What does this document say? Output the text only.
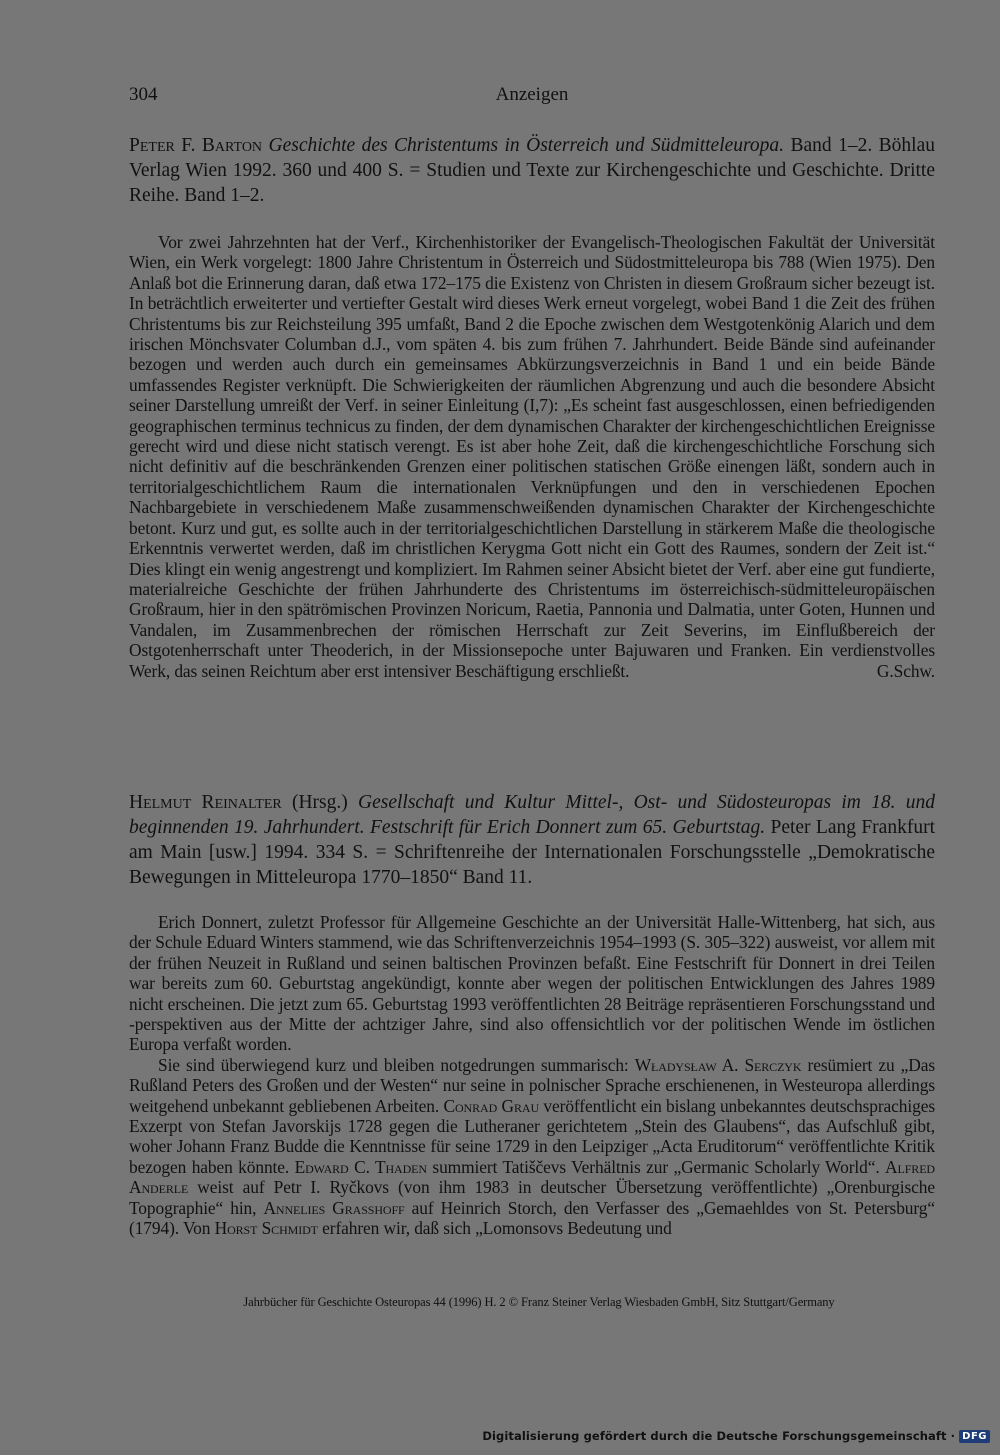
304	Anzeigen
Peter F. Barton Geschichte des Christentums in Österreich und Südmitteleuropa. Band 1–2. Böhlau Verlag Wien 1992. 360 und 400 S. = Studien und Texte zur Kirchengeschichte und Geschichte. Dritte Reihe. Band 1–2.

Vor zwei Jahrzehnten hat der Verf., Kirchenhistoriker der Evangelisch-Theologischen Fakultät der Universität Wien, ein Werk vorgelegt: 1800 Jahre Christentum in Österreich und Südostmitteleuropa bis 788 (Wien 1975). Den Anlaß bot die Erinnerung daran, daß etwa 172–175 die Existenz von Christen in diesem Großraum sicher bezeugt ist. In beträchtlich erweiterter und vertiefter Gestalt wird dieses Werk erneut vorgelegt, wobei Band 1 die Zeit des frühen Christentums bis zur Reichsteilung 395 umfaßt, Band 2 die Epoche zwischen dem Westgotenkönig Alarich und dem irischen Mönchsvater Columban d.J., vom späten 4. bis zum frühen 7. Jahrhundert. Beide Bände sind aufeinander bezogen und werden auch durch ein gemeinsames Abkürzungsverzeichnis in Band 1 und ein beide Bände umfassendes Register verknüpft. Die Schwierigkeiten der räumlichen Abgrenzung und auch die besondere Absicht seiner Darstellung umreißt der Verf. in seiner Einleitung (I,7): „Es scheint fast ausgeschlossen, einen befriedigenden geographischen terminus technicus zu finden, der dem dynamischen Charakter der kirchengeschichtlichen Ereignisse gerecht wird und diese nicht statisch verengt. Es ist aber hohe Zeit, daß die kirchengeschichtliche Forschung sich nicht definitiv auf die beschränkenden Grenzen einer politischen statischen Größe einengen läßt, sondern auch in territorialgeschichtlichem Raum die internationalen Verknüpfungen und den in verschiedenen Epochen Nachbargebiete in verschiedenem Maße zusammenschweißenden dynamischen Charakter der Kirchengeschichte betont. Kurz und gut, es sollte auch in der territorialgeschichtlichen Darstellung in stärkerem Maße die theologische Erkenntnis verwertet werden, daß im christlichen Kerygma Gott nicht ein Gott des Raumes, sondern der Zeit ist.“ Dies klingt ein wenig angestrengt und kompliziert. Im Rahmen seiner Absicht bietet der Verf. aber eine gut fundierte, materialreiche Geschichte der frühen Jahrhunderte des Christentums im österreichisch-südmitteleuropäischen Großraum, hier in den spätrömischen Provinzen Noricum, Raetia, Pannonia und Dalmatia, unter Goten, Hunnen und Vandalen, im Zusammenbrechen der römischen Herrschaft zur Zeit Severins, im Einflußbereich der Ostgotenherrschaft unter Theoderich, in der Missionsepoche unter Bajuwaren und Franken. Ein verdienstvolles Werk, das seinen Reichtum aber erst intensiver Beschäftigung erschließt.	G.Schw.

Helmut Reinalter (Hrsg.) Gesellschaft und Kultur Mittel-, Ost- und Südosteuropas im 18. und beginnenden 19. Jahrhundert. Festschrift für Erich Donnert zum 65. Geburtstag. Peter Lang Frankfurt am Main [usw.] 1994. 334 S. = Schriftenreihe der Internationalen Forschungsstelle „Demokratische Bewegungen in Mitteleuropa 1770–1850“ Band 11.

Erich Donnert, zuletzt Professor für Allgemeine Geschichte an der Universität Halle-Wittenberg, hat sich, aus der Schule Eduard Winters stammend, wie das Schriftenverzeichnis 1954–1993 (S. 305–322) ausweist, vor allem mit der frühen Neuzeit in Rußland und seinen baltischen Provinzen befaßt. Eine Festschrift für Donnert in drei Teilen war bereits zum 60. Geburtstag angekündigt, konnte aber wegen der politischen Entwicklungen des Jahres 1989 nicht erscheinen. Die jetzt zum 65. Geburtstag 1993 veröffentlichten 28 Beiträge repräsentieren Forschungsstand und -perspektiven aus der Mitte der achtziger Jahre, sind also offensichtlich vor der politischen Wende im östlichen Europa verfaßt worden.

Sie sind überwiegend kurz und bleiben notgedrungen summarisch: Władysław A. Serczyk resümiert zu „Das Rußland Peters des Großen und der Westen“ nur seine in polnischer Sprache erschienenen, in Westeuropa allerdings weitgehend unbekannt gebliebenen Arbeiten. Conrad Grau veröffentlicht ein bislang unbekanntes deutschsprachiges Exzerpt von Stefan Javorskijs 1728 gegen die Lutheraner gerichtetem „Stein des Glaubens“, das Aufschluß gibt, woher Johann Franz Budde die Kenntnisse für seine 1729 in den Leipziger „Acta Eruditorum“ veröffentlichte Kritik bezogen haben könnte. Edward C. Thaden summiert Tatiščevs Verhältnis zur „Germanic Scholarly World“. Alfred Anderle weist auf Petr I. Ryčkovs (von ihm 1983 in deutscher Übersetzung veröffentlichte) „Orenburgische Topographie“ hin, Annelies Grasshoff auf Heinrich Storch, den Verfasser des „Gemaehldes von St. Petersburg“ (1794). Von Horst Schmidt erfahren wir, daß sich „Lomonsovs Bedeutung und

Jahrbücher für Geschichte Osteuropas 44 (1996) H. 2 © Franz Steiner Verlag Wiesbaden GmbH, Sitz Stuttgart/Germany
Digitalisierung gefördert durch die Deutsche Forschungsgemeinschaft · DFG
